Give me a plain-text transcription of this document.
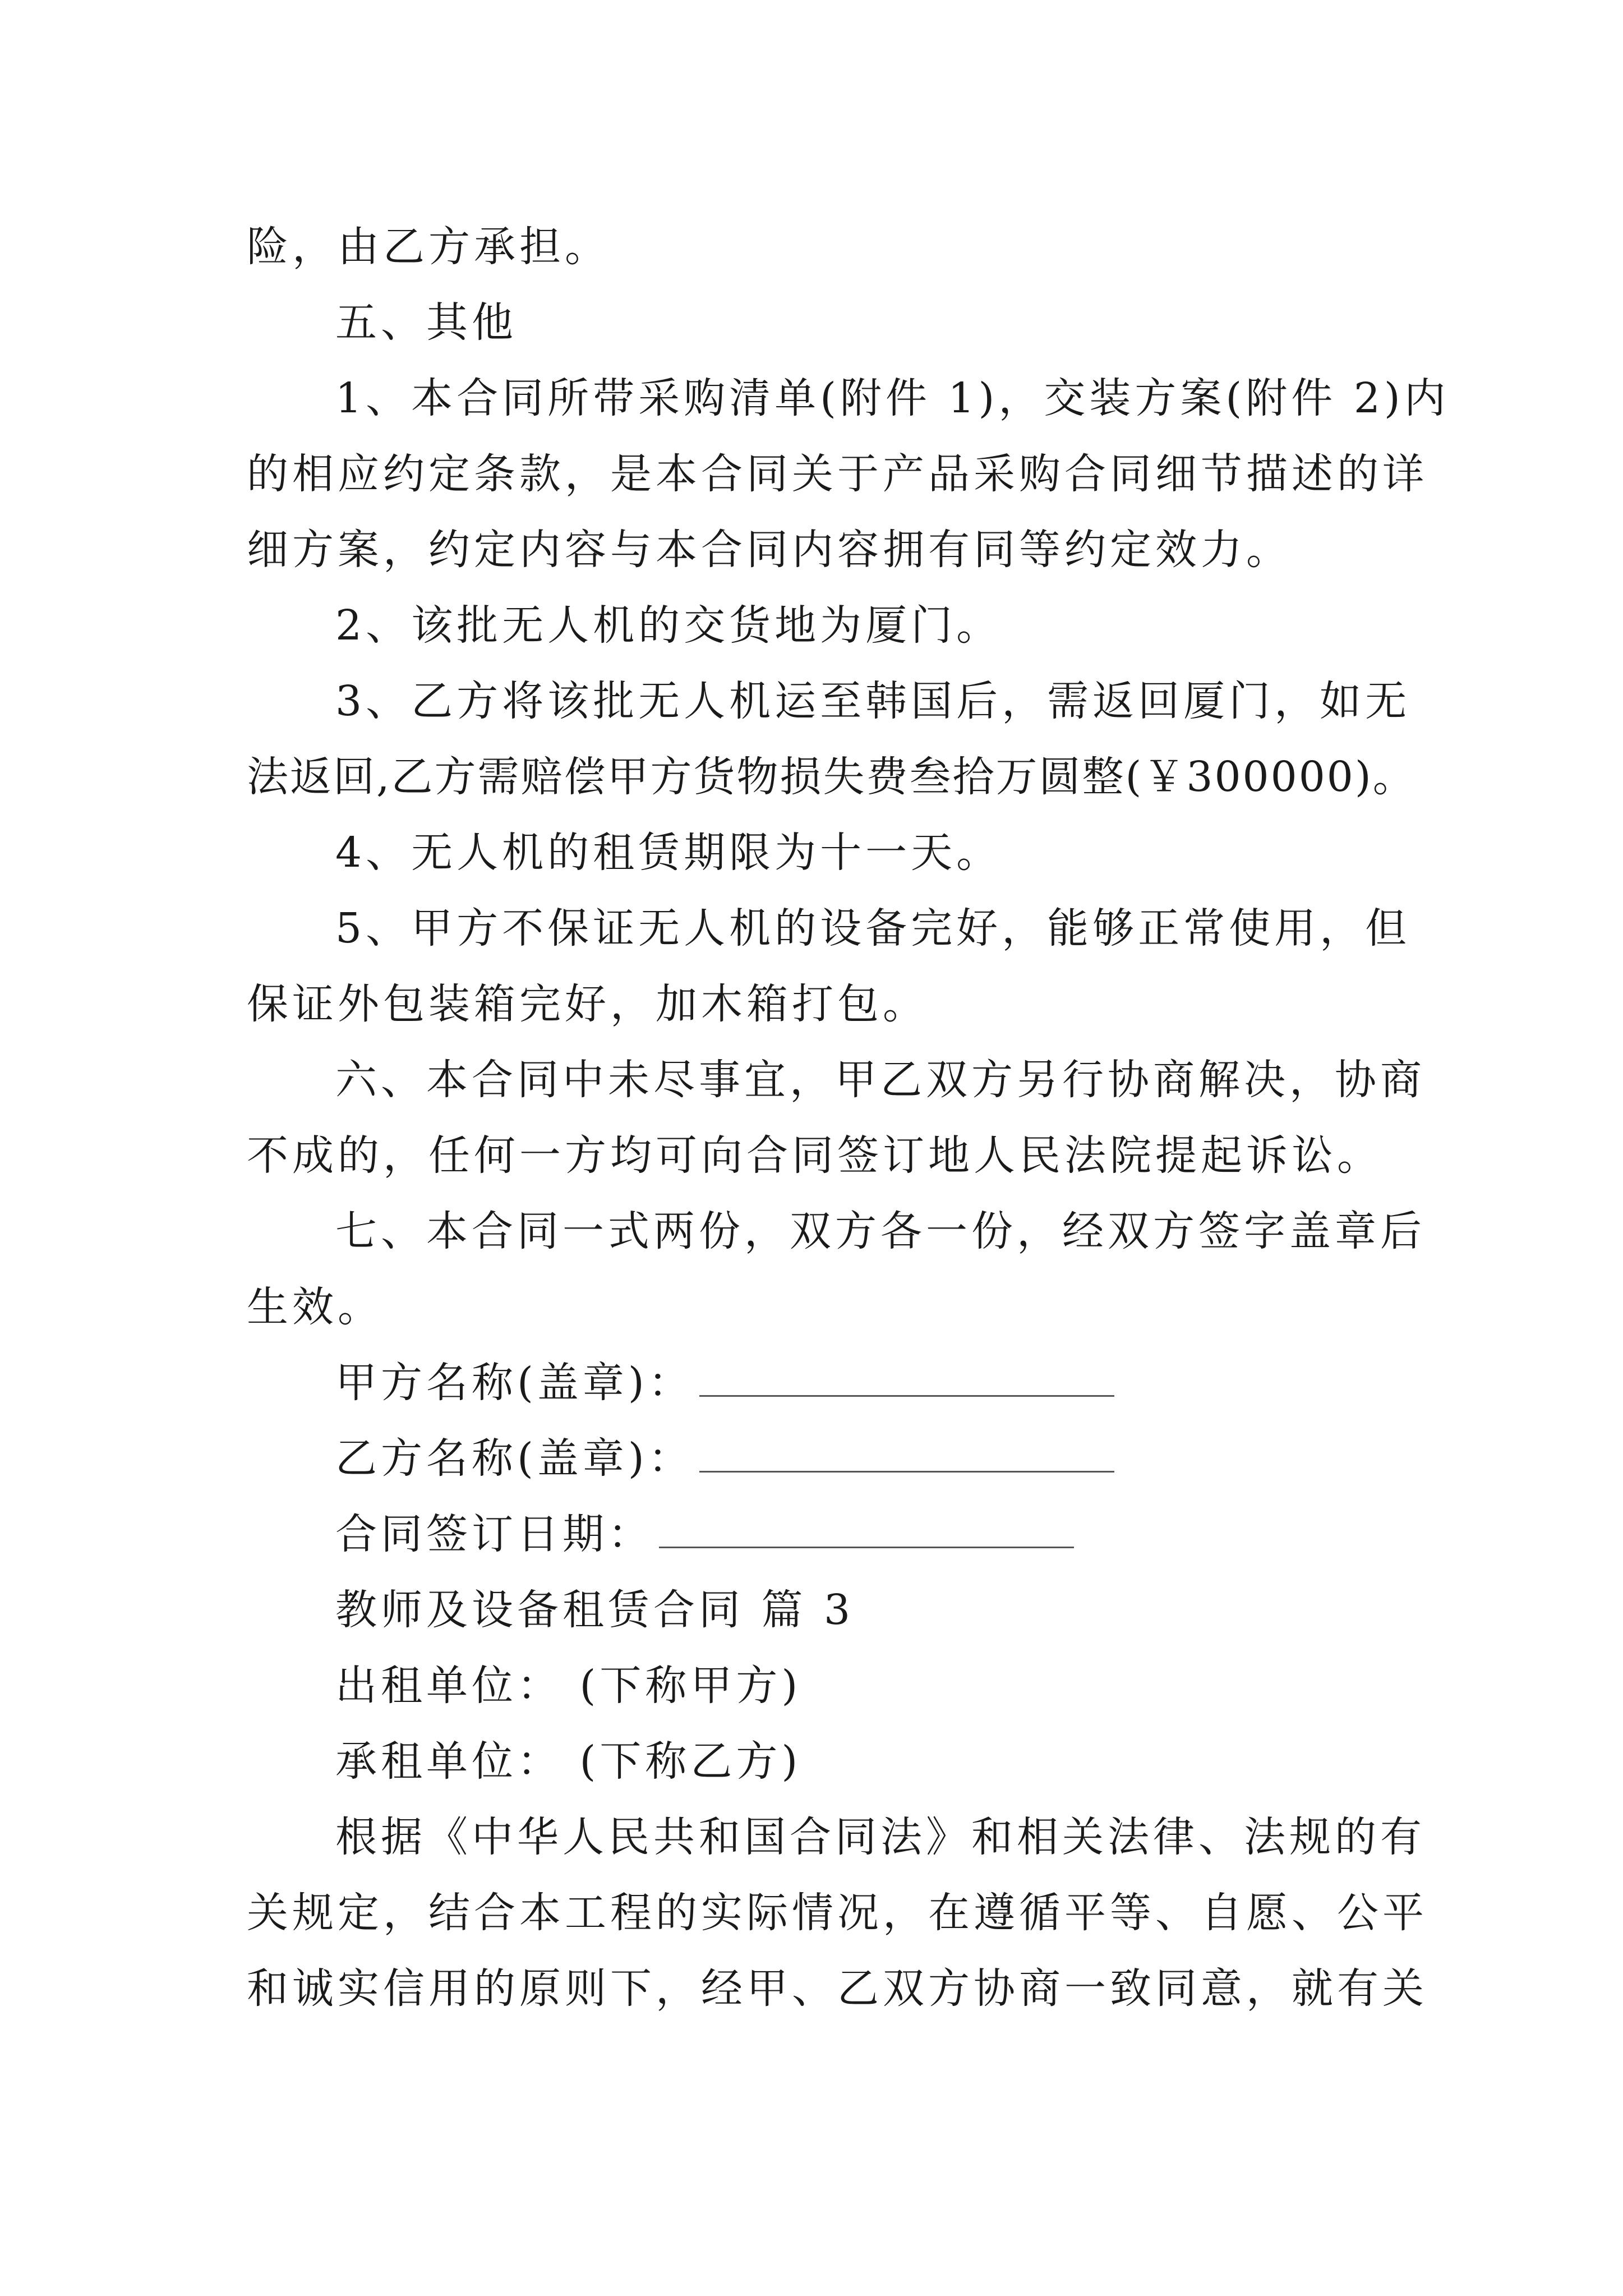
险，由乙方承担。
五、其他
1、本合同所带采购清单(附件 1)，交装方案(附件 2)内
的相应约定条款，是本合同关于产品采购合同细节描述的详
细方案，约定内容与本合同内容拥有同等约定效力。
2、该批无人机的交货地为厦门。
3、乙方将该批无人机运至韩国后，需返回厦门，如无
法返回,乙方需赔偿甲方货物损失费叁拾万圆整(￥300000)。
4、无人机的租赁期限为十一天。
5、甲方不保证无人机的设备完好，能够正常使用，但
保证外包装箱完好，加木箱打包。
六、本合同中未尽事宜，甲乙双方另行协商解决，协商
不成的，任何一方均可向合同签订地人民法院提起诉讼。
七、本合同一式两份，双方各一份，经双方签字盖章后
生效。
甲方名称(盖章)：
乙方名称(盖章)：
合同签订日期：
教师及设备租赁合同 篇 3
出租单位： (下称甲方)
承租单位： (下称乙方)
根据《中华人民共和国合同法》和相关法律、法规的有
关规定，结合本工程的实际情况，在遵循平等、自愿、公平
和诚实信用的原则下，经甲、乙双方协商一致同意，就有关
